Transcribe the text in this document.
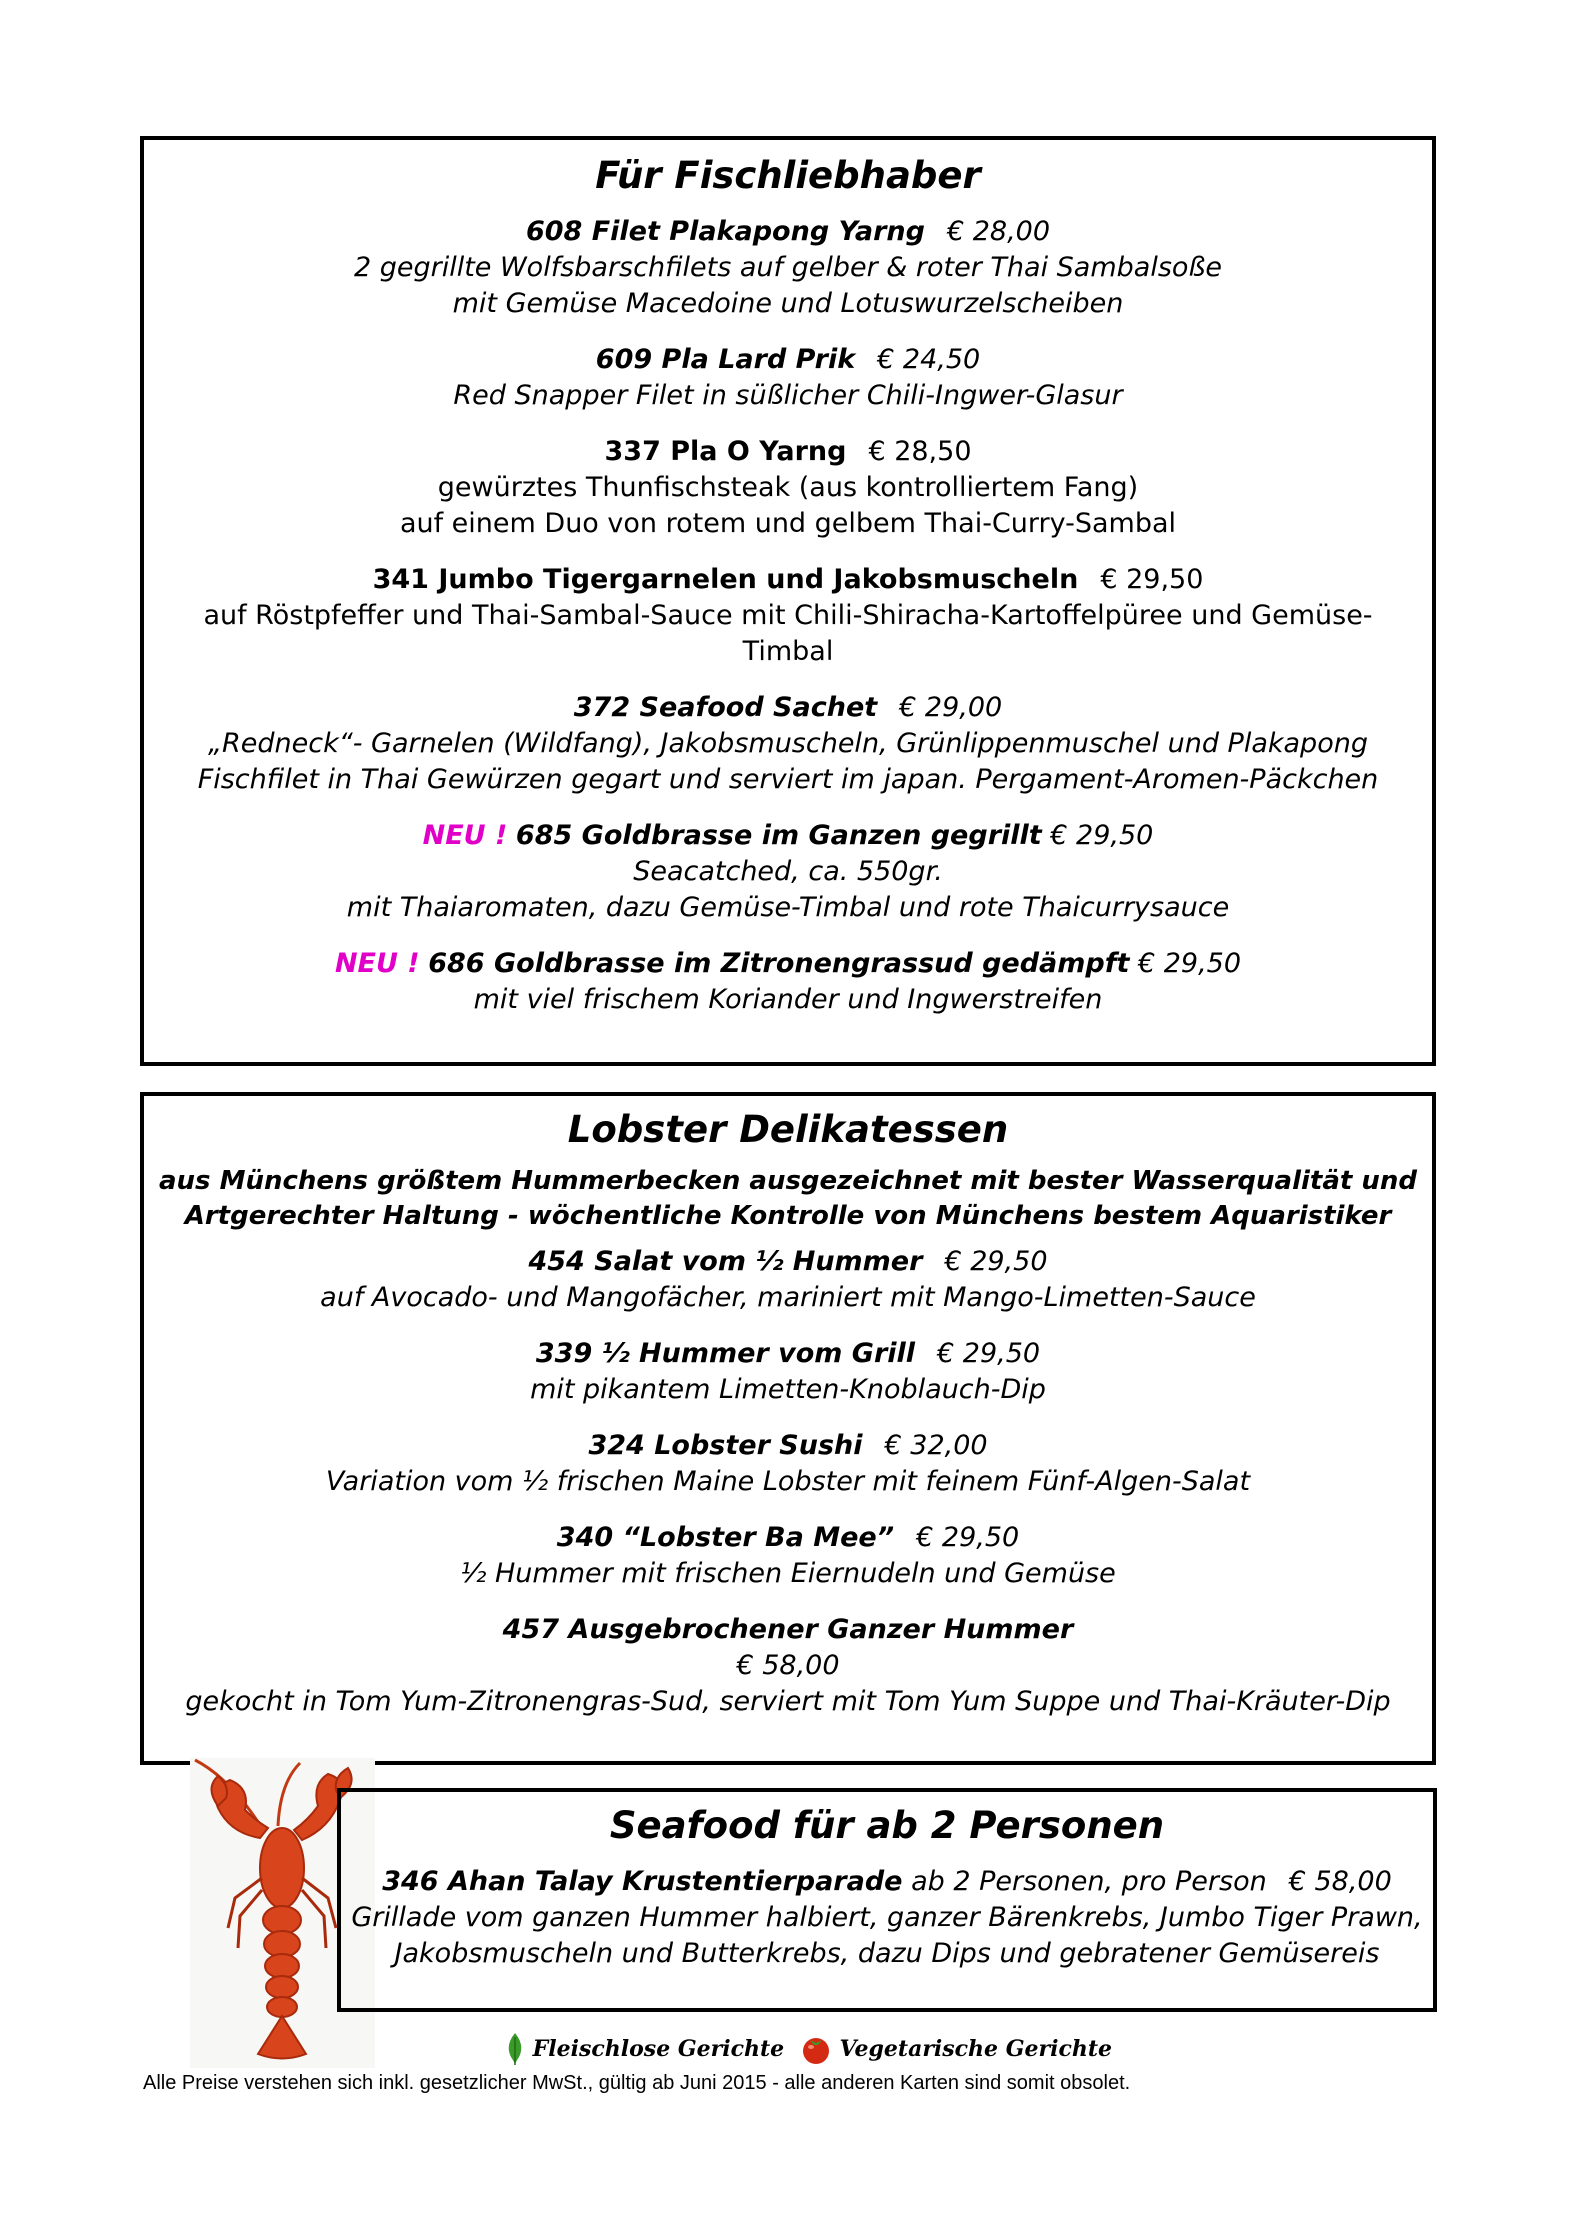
Für Fischliebhaber
608 Filet Plakapong Yarng € 28,00
2 gegrillte Wolfsbarschfilets auf gelber & roter Thai Sambalsoße
mit Gemüse Macedoine und Lotuswurzelscheiben
609 Pla Lard Prik € 24,50
Red Snapper Filet in süßlicher Chili-Ingwer-Glasur
337 Pla O Yarng € 28,50
gewürztes Thunfischsteak (aus kontrolliertem Fang)
auf einem Duo von rotem und gelbem Thai-Curry-Sambal
341 Jumbo Tigergarnelen und Jakobsmuscheln € 29,50
auf Röstpfeffer und Thai-Sambal-Sauce mit Chili-Shiracha-Kartoffelpüree und Gemüse-
Timbal
372 Seafood Sachet € 29,00
„Redneck“- Garnelen (Wildfang), Jakobsmuscheln, Grünlippenmuschel und Plakapong
Fischfilet in Thai Gewürzen gegart und serviert im japan. Pergament-Aromen-Päckchen
NEU ! 685 Goldbrasse im Ganzen gegrillt € 29,50
Seacatched, ca. 550gr.
mit Thaiaromaten, dazu Gemüse-Timbal und rote Thaicurrysauce
NEU ! 686 Goldbrasse im Zitronengrassud gedämpft € 29,50
mit viel frischem Koriander und Ingwerstreifen
Lobster Delikatessen
aus Münchens größtem Hummerbecken ausgezeichnet mit bester Wasserqualität und
Artgerechter Haltung - wöchentliche Kontrolle von Münchens bestem Aquaristiker
454 Salat vom ½ Hummer € 29,50
auf Avocado- und Mangofächer, mariniert mit Mango-Limetten-Sauce
339 ½ Hummer vom Grill € 29,50
mit pikantem Limetten-Knoblauch-Dip
324 Lobster Sushi € 32,00
Variation vom ½ frischen Maine Lobster mit feinem Fünf-Algen-Salat
340 “Lobster Ba Mee” € 29,50
½ Hummer mit frischen Eiernudeln und Gemüse
457 Ausgebrochener Ganzer Hummer
€ 58,00
gekocht in Tom Yum-Zitronengras-Sud, serviert mit Tom Yum Suppe und Thai-Kräuter-Dip
Seafood für ab 2 Personen
346 Ahan Talay Krustentierparade ab 2 Personen, pro Person € 58,00
Grillade vom ganzen Hummer halbiert, ganzer Bärenkrebs, Jumbo Tiger Prawn,
Jakobsmuscheln und Butterkrebs, dazu Dips und gebratener Gemüsereis
Fleischlose Gerichte	Vegetarische Gerichte
Alle Preise verstehen sich inkl. gesetzlicher MwSt., gültig ab Juni 2015 - alle anderen Karten sind somit obsolet.
